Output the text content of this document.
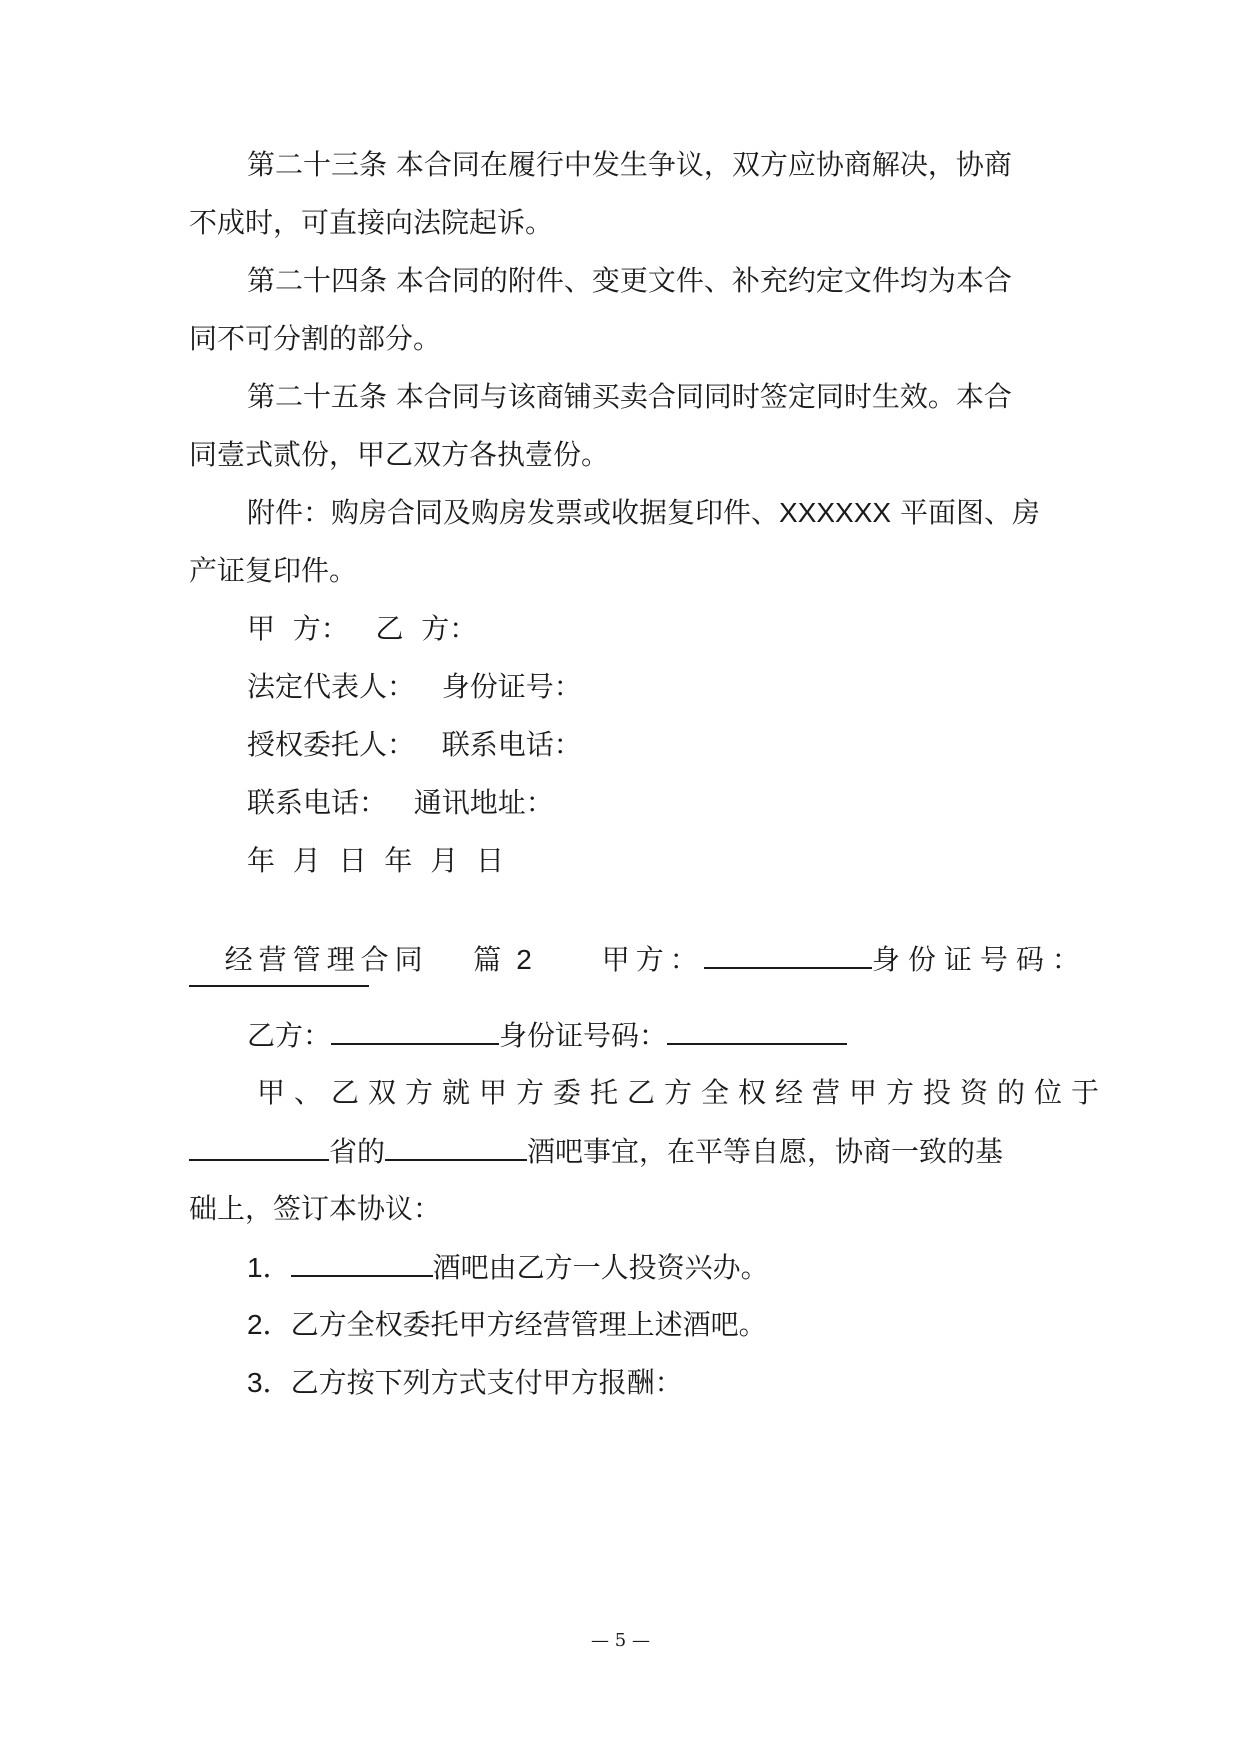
第二十三条 本合同在履行中发生争议，双方应协商解决，协商
不成时，可直接向法院起诉。
第二十四条 本合同的附件、变更文件、补充约定文件均为本合
同不可分割的部分。
第二十五条 本合同与该商铺买卖合同同时签定同时生效。本合
同壹式贰份，甲乙双方各执壹份。
附件：购房合同及购房发票或收据复印件、XXXXXX 平面图、房
产证复印件。
甲  方：   乙  方：
法定代表人：   身份证号：
授权委托人：   联系电话：
联系电话：   通讯地址：
年  月  日  年  月  日

经营管理合同   篇 2	甲方：	身份证号码：

乙方：	身份证号码：
甲、乙双方就甲方委托乙方全权经营甲方投资的位于
省的	酒吧事宜，在平等自愿，协商一致的基
础上，签订本协议：
1．	酒吧由乙方一人投资兴办。
2．乙方全权委托甲方经营管理上述酒吧。
3．乙方按下列方式支付甲方报酬：
— 5 —
